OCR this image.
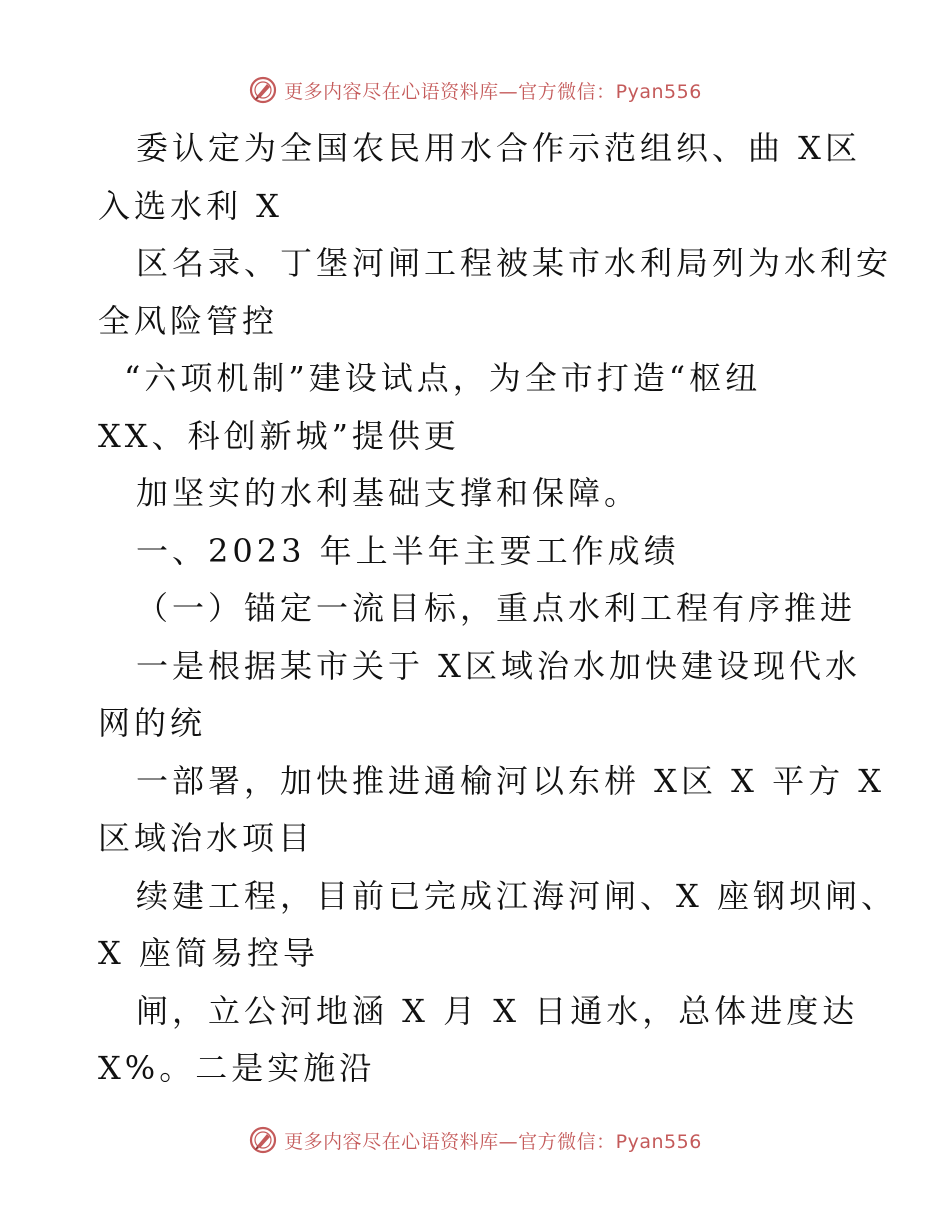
更多内容尽在心语资料库—官方微信：Pyan556
委认定为全国农民用水合作示范组织、曲 X区
入选水利 X
区名录、丁堡河闸工程被某市水利局列为水利安
全风险管控
“六项机制”建设试点，为全市打造“枢纽
XX、科创新城”提供更
加坚实的水利基础支撑和保障。
一、2023 年上半年主要工作成绩
（一）锚定一流目标，重点水利工程有序推进
一是根据某市关于 X区域治水加快建设现代水
网的统
一部署，加快推进通榆河以东栟 X区 X 平方 X
区域治水项目
续建工程，目前已完成江海河闸、X 座钢坝闸、
X 座简易控导
闸，立公河地涵 X 月 X 日通水，总体进度达
X%。二是实施沿
更多内容尽在心语资料库—官方微信：Pyan556
